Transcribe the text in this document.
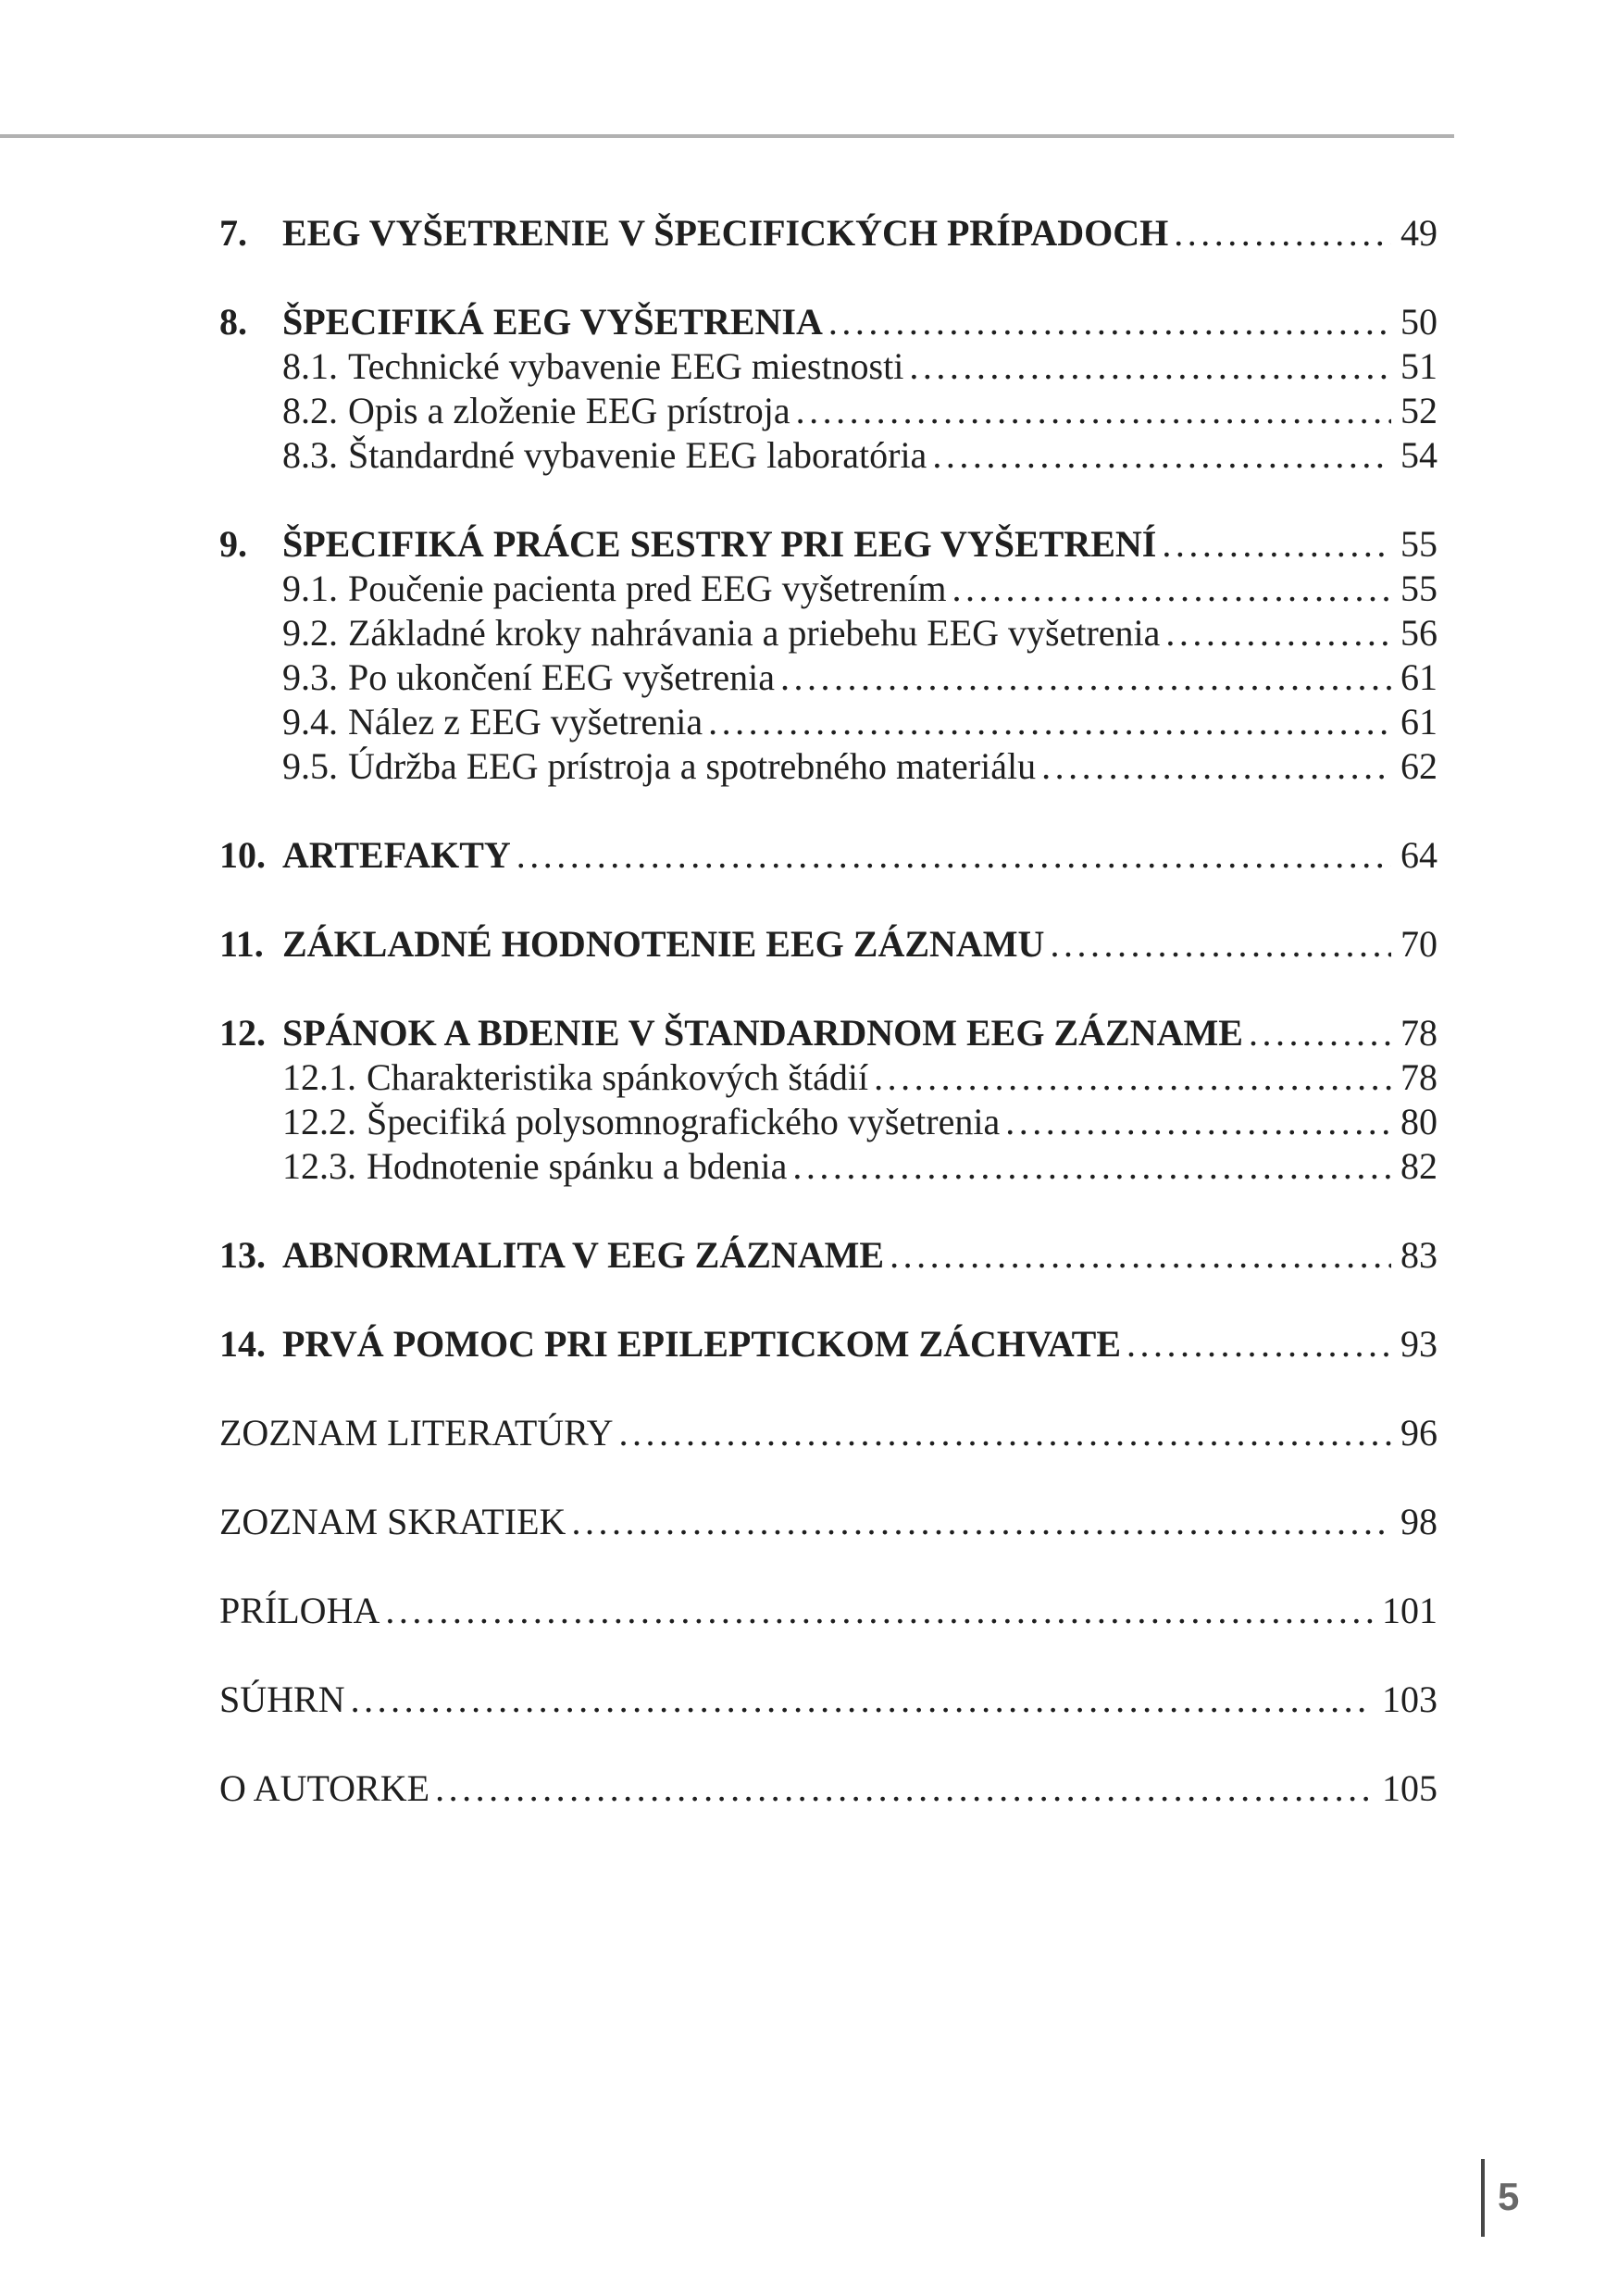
7. EEG VYŠETRENIE V ŠPECIFICKÝCH PRÍPADOCH .....	49
8. ŠPECIFIKÁ EEG VYŠETRENIA .....	50
8.1. Technické vybavenie EEG miestnosti .....	51
8.2. Opis a zloženie EEG prístroja .....	52
8.3. Štandardné vybavenie EEG laboratória .....	54
9. ŠPECIFIKÁ PRÁCE SESTRY PRI EEG VYŠETRENÍ .....	55
9.1. Poučenie pacienta pred EEG vyšetrením .....	55
9.2. Základné kroky nahrávania a priebehu EEG vyšetrenia .....	56
9.3. Po ukončení EEG vyšetrenia .....	61
9.4. Nález z EEG vyšetrenia .....	61
9.5. Údržba EEG prístroja a spotrebného materiálu .....	62
10. ARTEFAKTY .....	64
11. ZÁKLADNÉ HODNOTENIE EEG ZÁZNAMU .....	70
12. SPÁNOK A BDENIE V ŠTANDARDNOM EEG ZÁZNAME .....	78
12.1. Charakteristika spánkových štádií .....	78
12.2. Špecifiká polysomnografického vyšetrenia .....	80
12.3. Hodnotenie spánku a bdenia .....	82
13. ABNORMALITA V EEG ZÁZNAME .....	83
14. PRVÁ POMOC PRI EPILEPTICKOM ZÁCHVATE .....	93
ZOZNAM LITERATÚRY .....	96
ZOZNAM SKRATIEK .....	98
PRÍLOHA .....	101
SÚHRN .....	103
O AUTORKE .....	105
5
